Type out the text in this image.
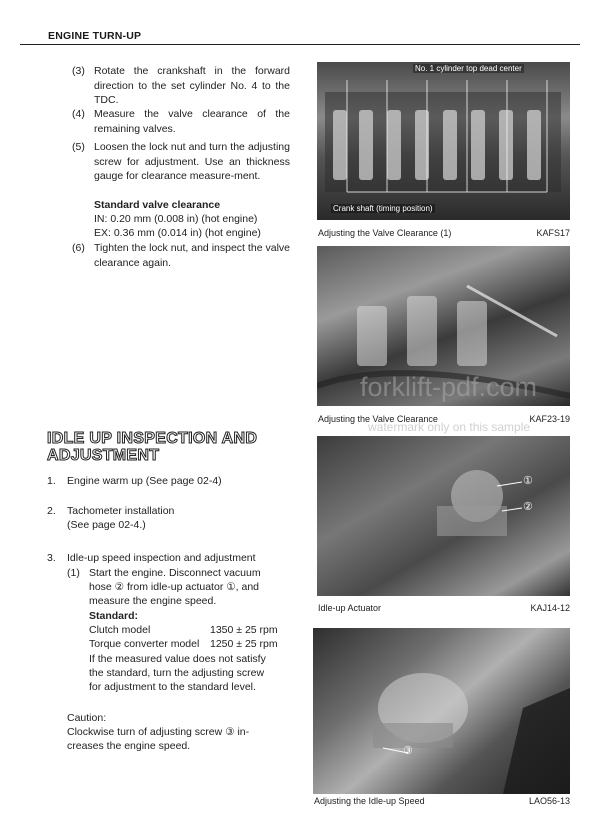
ENGINE TURN-UP
(3) Rotate the crankshaft in the forward direction to the set cylinder No. 4 to the TDC.
(4) Measure the valve clearance of the remaining valves.
(5) Loosen the lock nut and turn the adjusting screw for adjustment. Use an thickness gauge for clearance measure-ment.
Standard valve clearance
IN: 0.20 mm (0.008 in) (hot engine)
EX: 0.36 mm (0.014 in) (hot engine)
(6) Tighten the lock nut, and inspect the valve clearance again.
IDLE UP INSPECTION AND
ADJUSTMENT
1. Engine warm up (See page 02-4)
2. Tachometer installation
(See page 02-4.)
3. Idle-up speed inspection and adjustment
(1) Start the engine. Disconnect vacuum
hose ② from idle-up actuator ①, and
measure the engine speed.
Standard:
Clutch model	1350 ± 25 rpm
Torque converter model 1250 ± 25 rpm
If the measured value does not satisfy
the standard, turn the adjusting screw
for adjustment to the standard level.
Caution:
Clockwise turn of adjusting screw ③ in-
creases the engine speed.
No. 1 cylinder top dead center
Crank shaft (timing position)
Adjusting the Valve Clearance (1)	KAFS17
Adjusting the Valve Clearance	KAF23-19
①
②
Idle-up Actuator	KAJ14-12
③
Adjusting the Idle-up Speed	LAO56-13
forklift-pdf.com
watermark only on this sample
